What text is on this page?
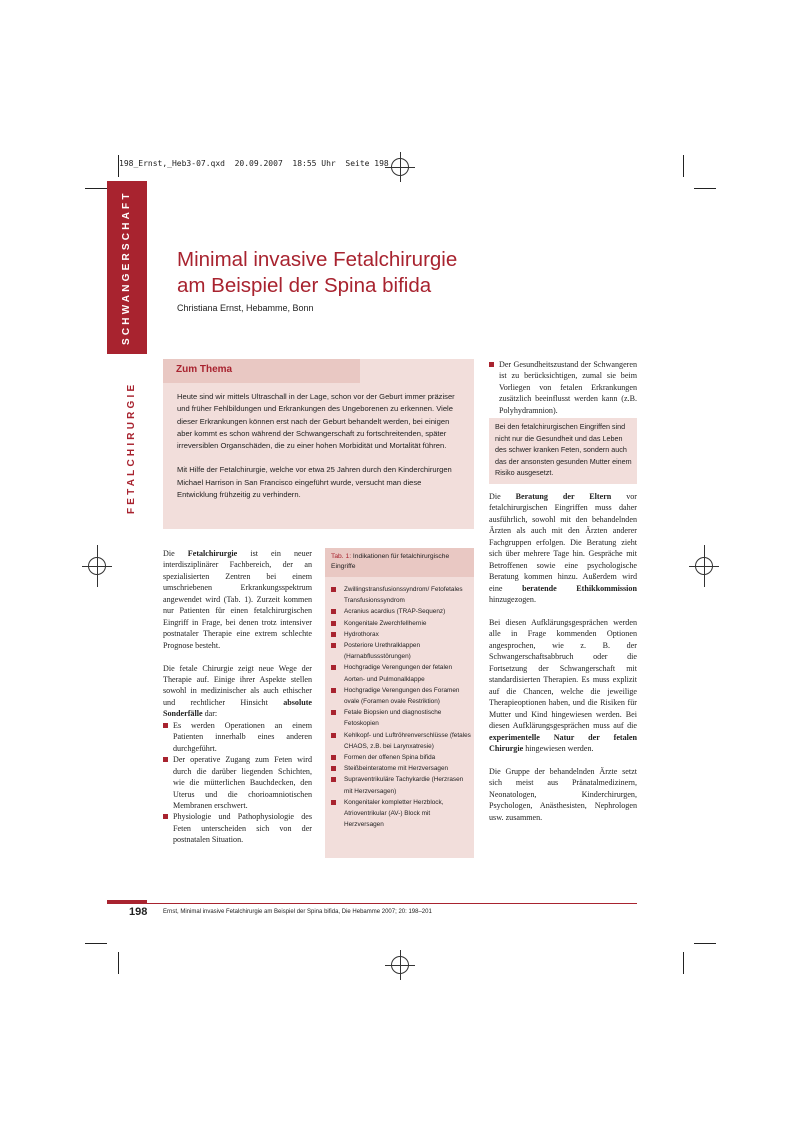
198_Ernst,_Heb3-07.qxd  20.09.2007  18:55 Uhr  Seite 198
SCHWANGERSCHAFT
FETALCHIRURGIE
Minimal invasive Fetalchirurgie
am Beispiel der Spina bifida
Christiana Ernst, Hebamme, Bonn
Zum Thema

Heute sind wir mittels Ultraschall in der Lage, schon vor der Geburt immer präziser und früher Fehlbildungen und Erkrankungen des Ungeborenen zu erkennen. Viele dieser Erkrankungen können erst nach der Geburt behandelt werden, bei einigen aber kommt es schon während der Schwangerschaft zu fortschreitenden, später irreversiblen Organschäden, die zu einer hohen Morbidität und Mortalität führen.

Mit Hilfe der Fetalchirurgie, welche vor etwa 25 Jahren durch den Kinderchirurgen Michael Harrison in San Francisco eingeführt wurde, versucht man diese Entwicklung frühzeitig zu verhindern.

Die Fetalchirurgie ist ein neuer interdisziplinärer Fachbereich, der an spezialisierten Zentren bei einem umschriebenen Erkrankungsspektrum angewendet wird (Tab. 1). Zurzeit kommen nur Patienten für einen fetalchirurgischen Eingriff in Frage, bei denen trotz intensiver postnataler Therapie eine extrem schlechte Prognose besteht.

Die fetale Chirurgie zeigt neue Wege der Therapie auf. Einige ihrer Aspekte stellen sowohl in medizinischer als auch ethischer und rechtlicher Hinsicht absolute Sonderfälle dar:

Es werden Operationen an einem Patienten innerhalb eines anderen durchgeführt.
Der operative Zugang zum Feten wird durch die darüber liegenden Schichten, wie die mütterlichen Bauchdecken, den Uterus und die chorioamniotischen Membranen erschwert.
Physiologie und Pathophysiologie des Feten unterscheiden sich von der postnatalen Situation.
Tab. 1: Indikationen für fetalchirurgische Eingriffe
Zwillingstransfusionssyndrom/ Fetofetales Transfusionssyndrom
Acranius acardius (TRAP-Sequenz)
Kongenitale Zwerchfellhernie
Hydrothorax
Posteriore Urethralklappen (Harnabflussstörungen)
Hochgradige Verengungen der fetalen Aorten- und Pulmonalklappe
Hochgradige Verengungen des Foramen ovale (Foramen ovale Restriktion)
Fetale Biopsien und diagnostische Fetoskopien
Kehlkopf- und Luftröhrenverschlüsse (fetales CHAOS, z.B. bei Larynxatresie)
Formen der offenen Spina bifida
Steißbeinteratome mit Herzversagen
Supraventrikuläre Tachykardie (Herzrasen mit Herzversagen)
Kongenitaler kompletter Herzblock, Atrioventrikular (AV-) Block mit Herzversagen
Der Gesundheitszustand der Schwangeren ist zu berücksichtigen, zumal sie beim Vorliegen von fetalen Erkrankungen zusätzlich beeinflusst werden kann (z.B. Polyhydramnion).
Bei den fetalchirurgischen Eingriffen sind nicht nur die Gesundheit und das Leben des schwer kranken Feten, sondern auch das der ansonsten gesunden Mutter einem Risiko ausgesetzt.

Die Beratung der Eltern vor fetalchirurgischen Eingriffen muss daher ausführlich, sowohl mit den behandelnden Ärzten als auch mit den Ärzten anderer Fachgruppen erfolgen. Die Beratung zieht sich über mehrere Tage hin. Gespräche mit Betroffenen sowie eine psychologische Beratung kommen hinzu. Außerdem wird eine beratende Ethikkommission hinzugezogen.

Bei diesen Aufklärungsgesprächen werden alle in Frage kommenden Optionen angesprochen, wie z. B. der Schwangerschaftsabbruch oder die Fortsetzung der Schwangerschaft mit standardisierten Therapien. Es muss explizit auf die Chancen, welche die jeweilige Therapieoptionen haben, und die Risiken für Mutter und Kind hingewiesen werden. Bei diesen Aufklärungsgesprächen muss auf die experimentelle Natur der fetalen Chirurgie hingewiesen werden.

Die Gruppe der behandelnden Ärzte setzt sich meist aus Pränatalmedizinern, Neonatologen, Kinderchirurgen, Psychologen, Anästhesisten, Nephrologen usw. zusammen.

198	Ernst, Minimal invasive Fetalchirurgie am Beispiel der Spina bifida, Die Hebamme 2007; 20: 198–201
